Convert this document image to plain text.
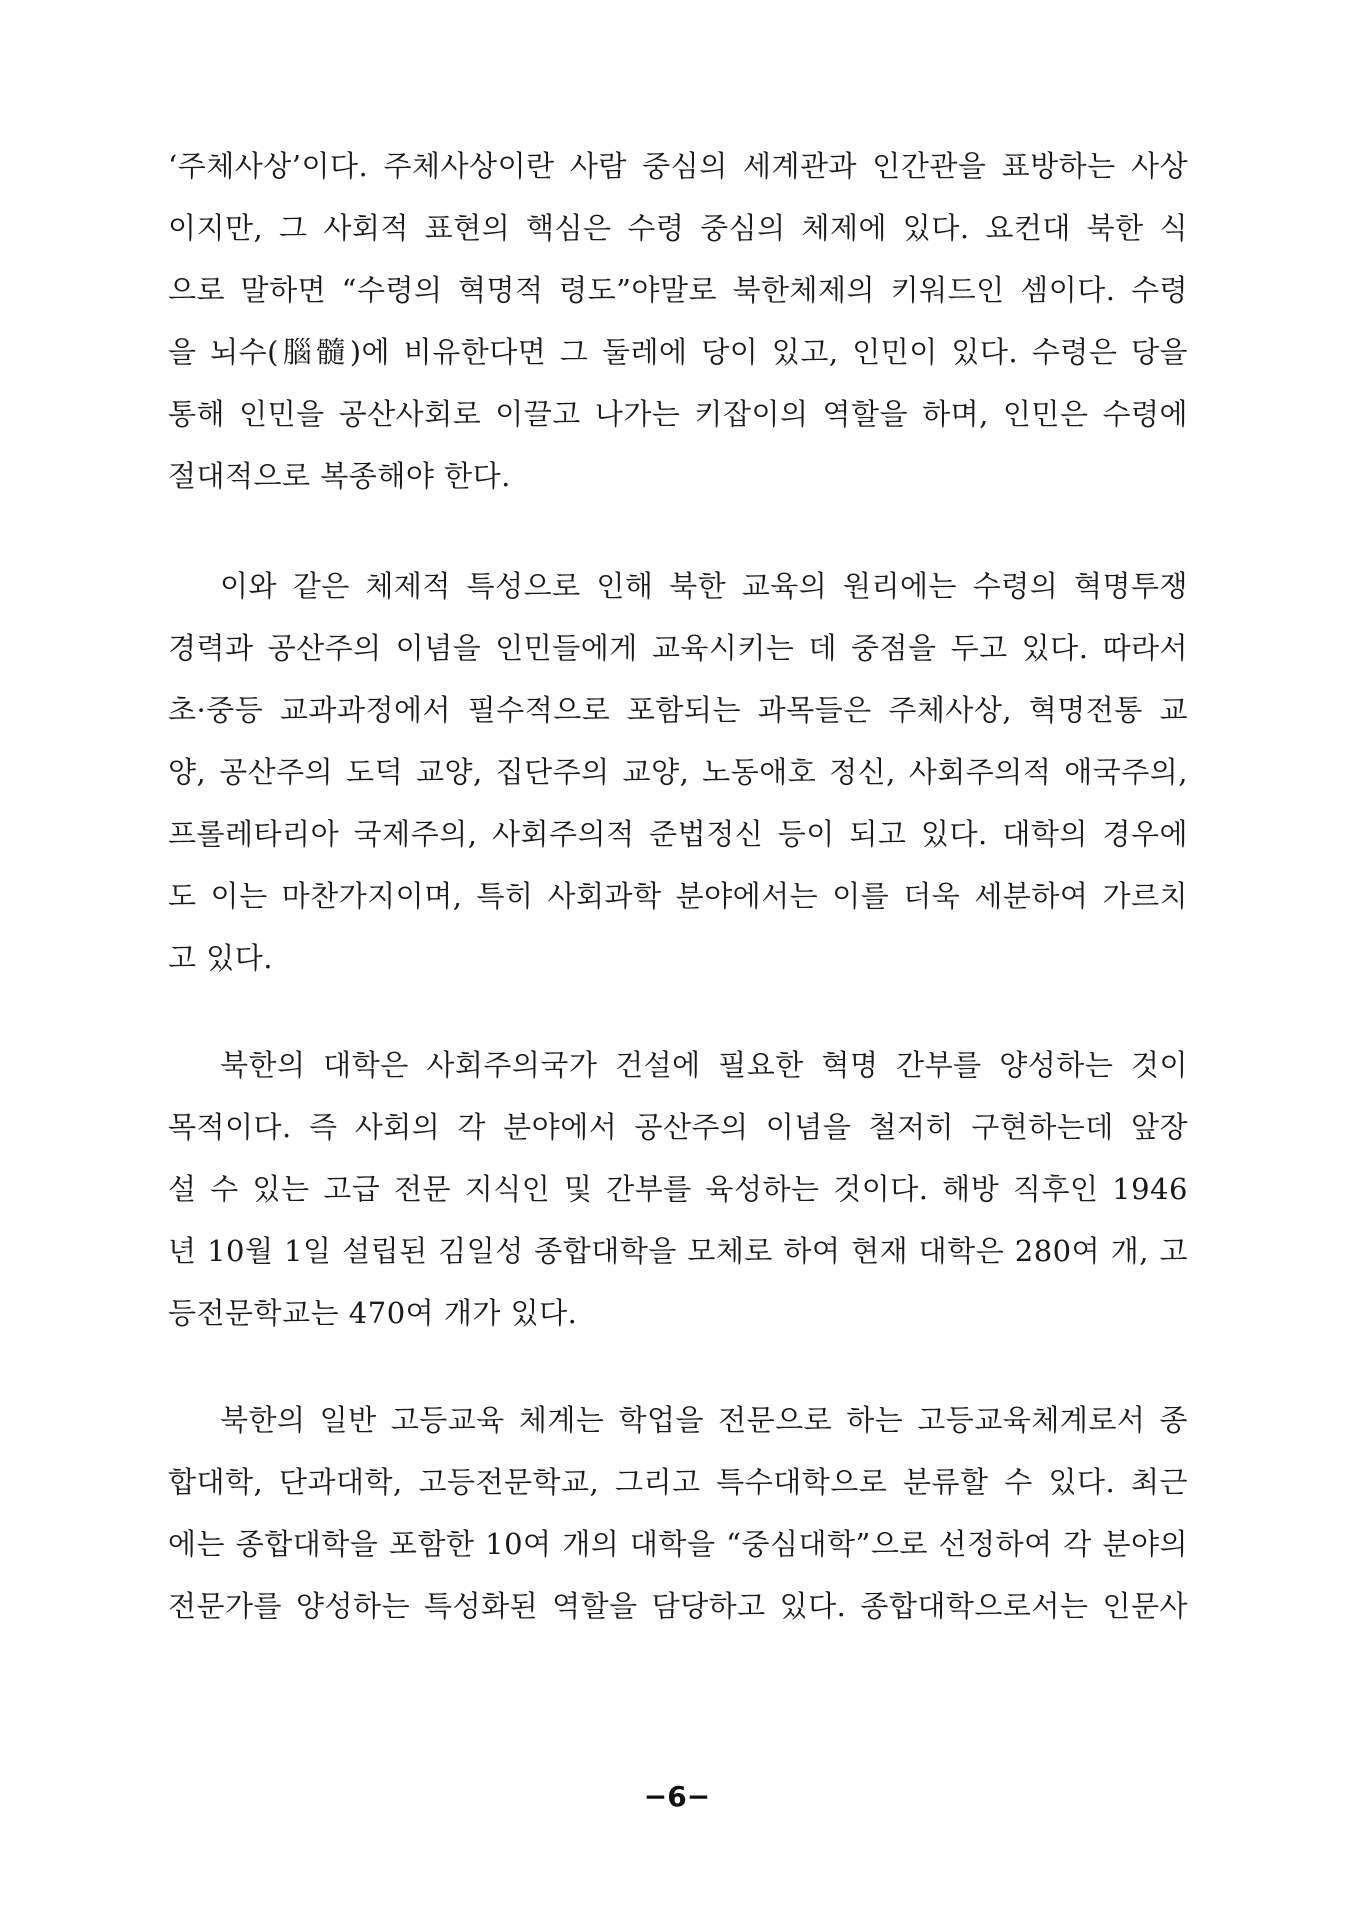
‘주체사상’이다. 주체사상이란 사람 중심의 세계관과 인간관을 표방하는 사상
이지만, 그 사회적 표현의 핵심은 수령 중심의 체제에 있다. 요컨대 북한 식
으로 말하면 “수령의 혁명적 령도”야말로 북한체제의 키워드인 셈이다. 수령
을 뇌수(腦髓)에 비유한다면 그 둘레에 당이 있고, 인민이 있다. 수령은 당을
통해 인민을 공산사회로 이끌고 나가는 키잡이의 역할을 하며, 인민은 수령에
절대적으로 복종해야 한다.
이와 같은 체제적 특성으로 인해 북한 교육의 원리에는 수령의 혁명투쟁
경력과 공산주의 이념을 인민들에게 교육시키는 데 중점을 두고 있다. 따라서
초·중등 교과과정에서 필수적으로 포함되는 과목들은 주체사상, 혁명전통 교
양, 공산주의 도덕 교양, 집단주의 교양, 노동애호 정신, 사회주의적 애국주의,
프롤레타리아 국제주의, 사회주의적 준법정신 등이 되고 있다. 대학의 경우에
도 이는 마찬가지이며, 특히 사회과학 분야에서는 이를 더욱 세분하여 가르치
고 있다.
북한의 대학은 사회주의국가 건설에 필요한 혁명 간부를 양성하는 것이
목적이다. 즉 사회의 각 분야에서 공산주의 이념을 철저히 구현하는데 앞장
설 수 있는 고급 전문 지식인 및 간부를 육성하는 것이다. 해방 직후인 1946
년 10월 1일 설립된 김일성 종합대학을 모체로 하여 현재 대학은 280여 개, 고
등전문학교는 470여 개가 있다.
북한의 일반 고등교육 체계는 학업을 전문으로 하는 고등교육체계로서 종
합대학, 단과대학, 고등전문학교, 그리고 특수대학으로 분류할 수 있다. 최근
에는 종합대학을 포함한 10여 개의 대학을 “중심대학”으로 선정하여 각 분야의
전문가를 양성하는 특성화된 역할을 담당하고 있다. 종합대학으로서는 인문사
−6−
